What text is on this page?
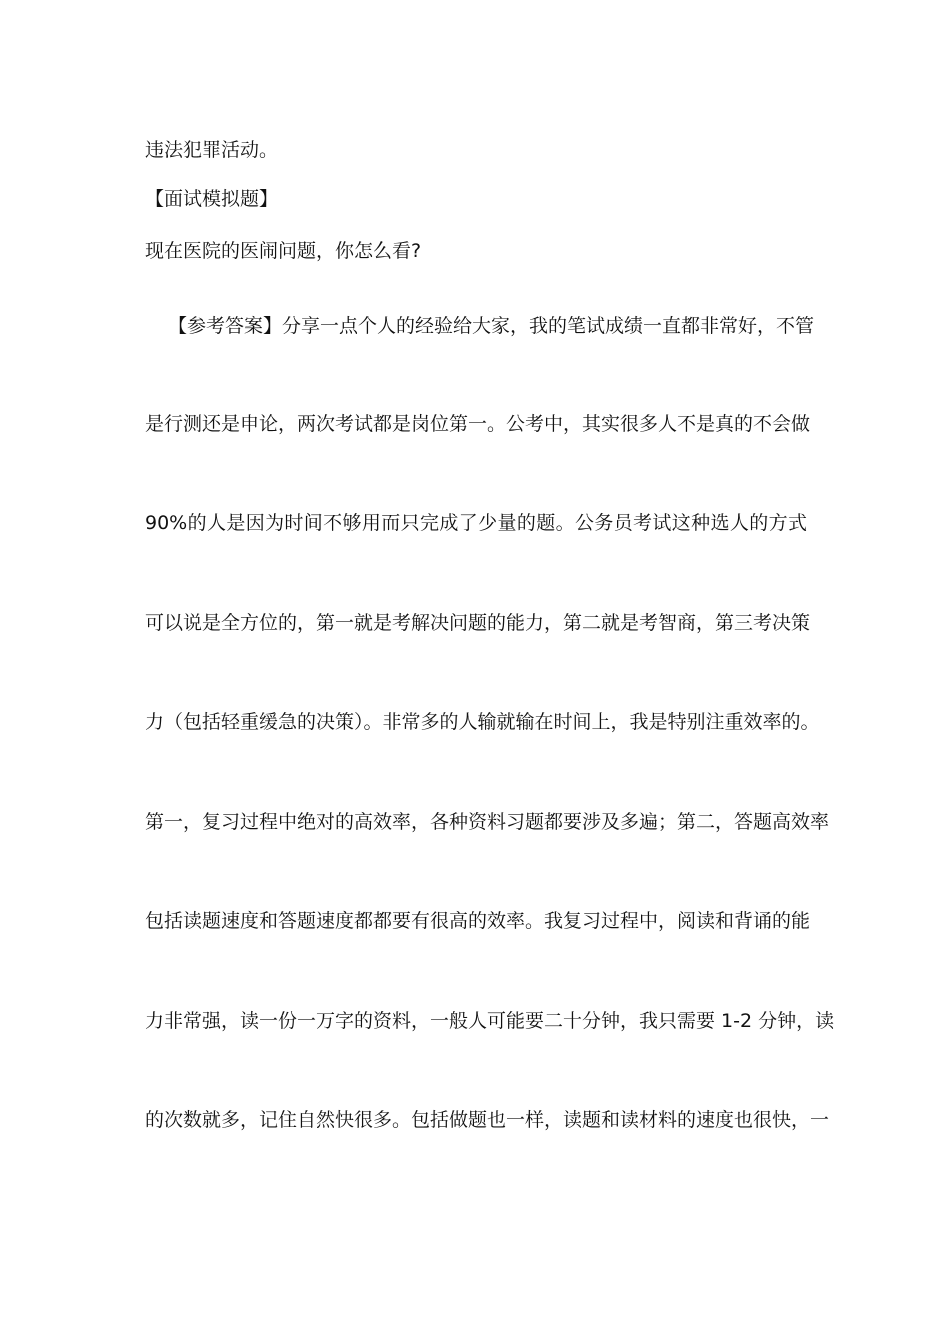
违法犯罪活动。
【面试模拟题】
现在医院的医闹问题，你怎么看?
【参考答案】分享一点个人的经验给大家，我的笔试成绩一直都非常好，不管
是行测还是申论，两次考试都是岗位第一。公考中，其实很多人不是真的不会做
90%的人是因为时间不够用而只完成了少量的题。公务员考试这种选人的方式
可以说是全方位的，第一就是考解决问题的能力，第二就是考智商，第三考决策
力（包括轻重缓急的决策）。非常多的人输就输在时间上，我是特别注重效率的。
第一，复习过程中绝对的高效率，各种资料习题都要涉及多遍；第二，答题高效率
包括读题速度和答题速度都都要有很高的效率。我复习过程中，阅读和背诵的能
力非常强，读一份一万字的资料，一般人可能要二十分钟，我只需要 1-2 分钟，读
的次数就多，记住自然快很多。包括做题也一样，读题和读材料的速度也很快，一
